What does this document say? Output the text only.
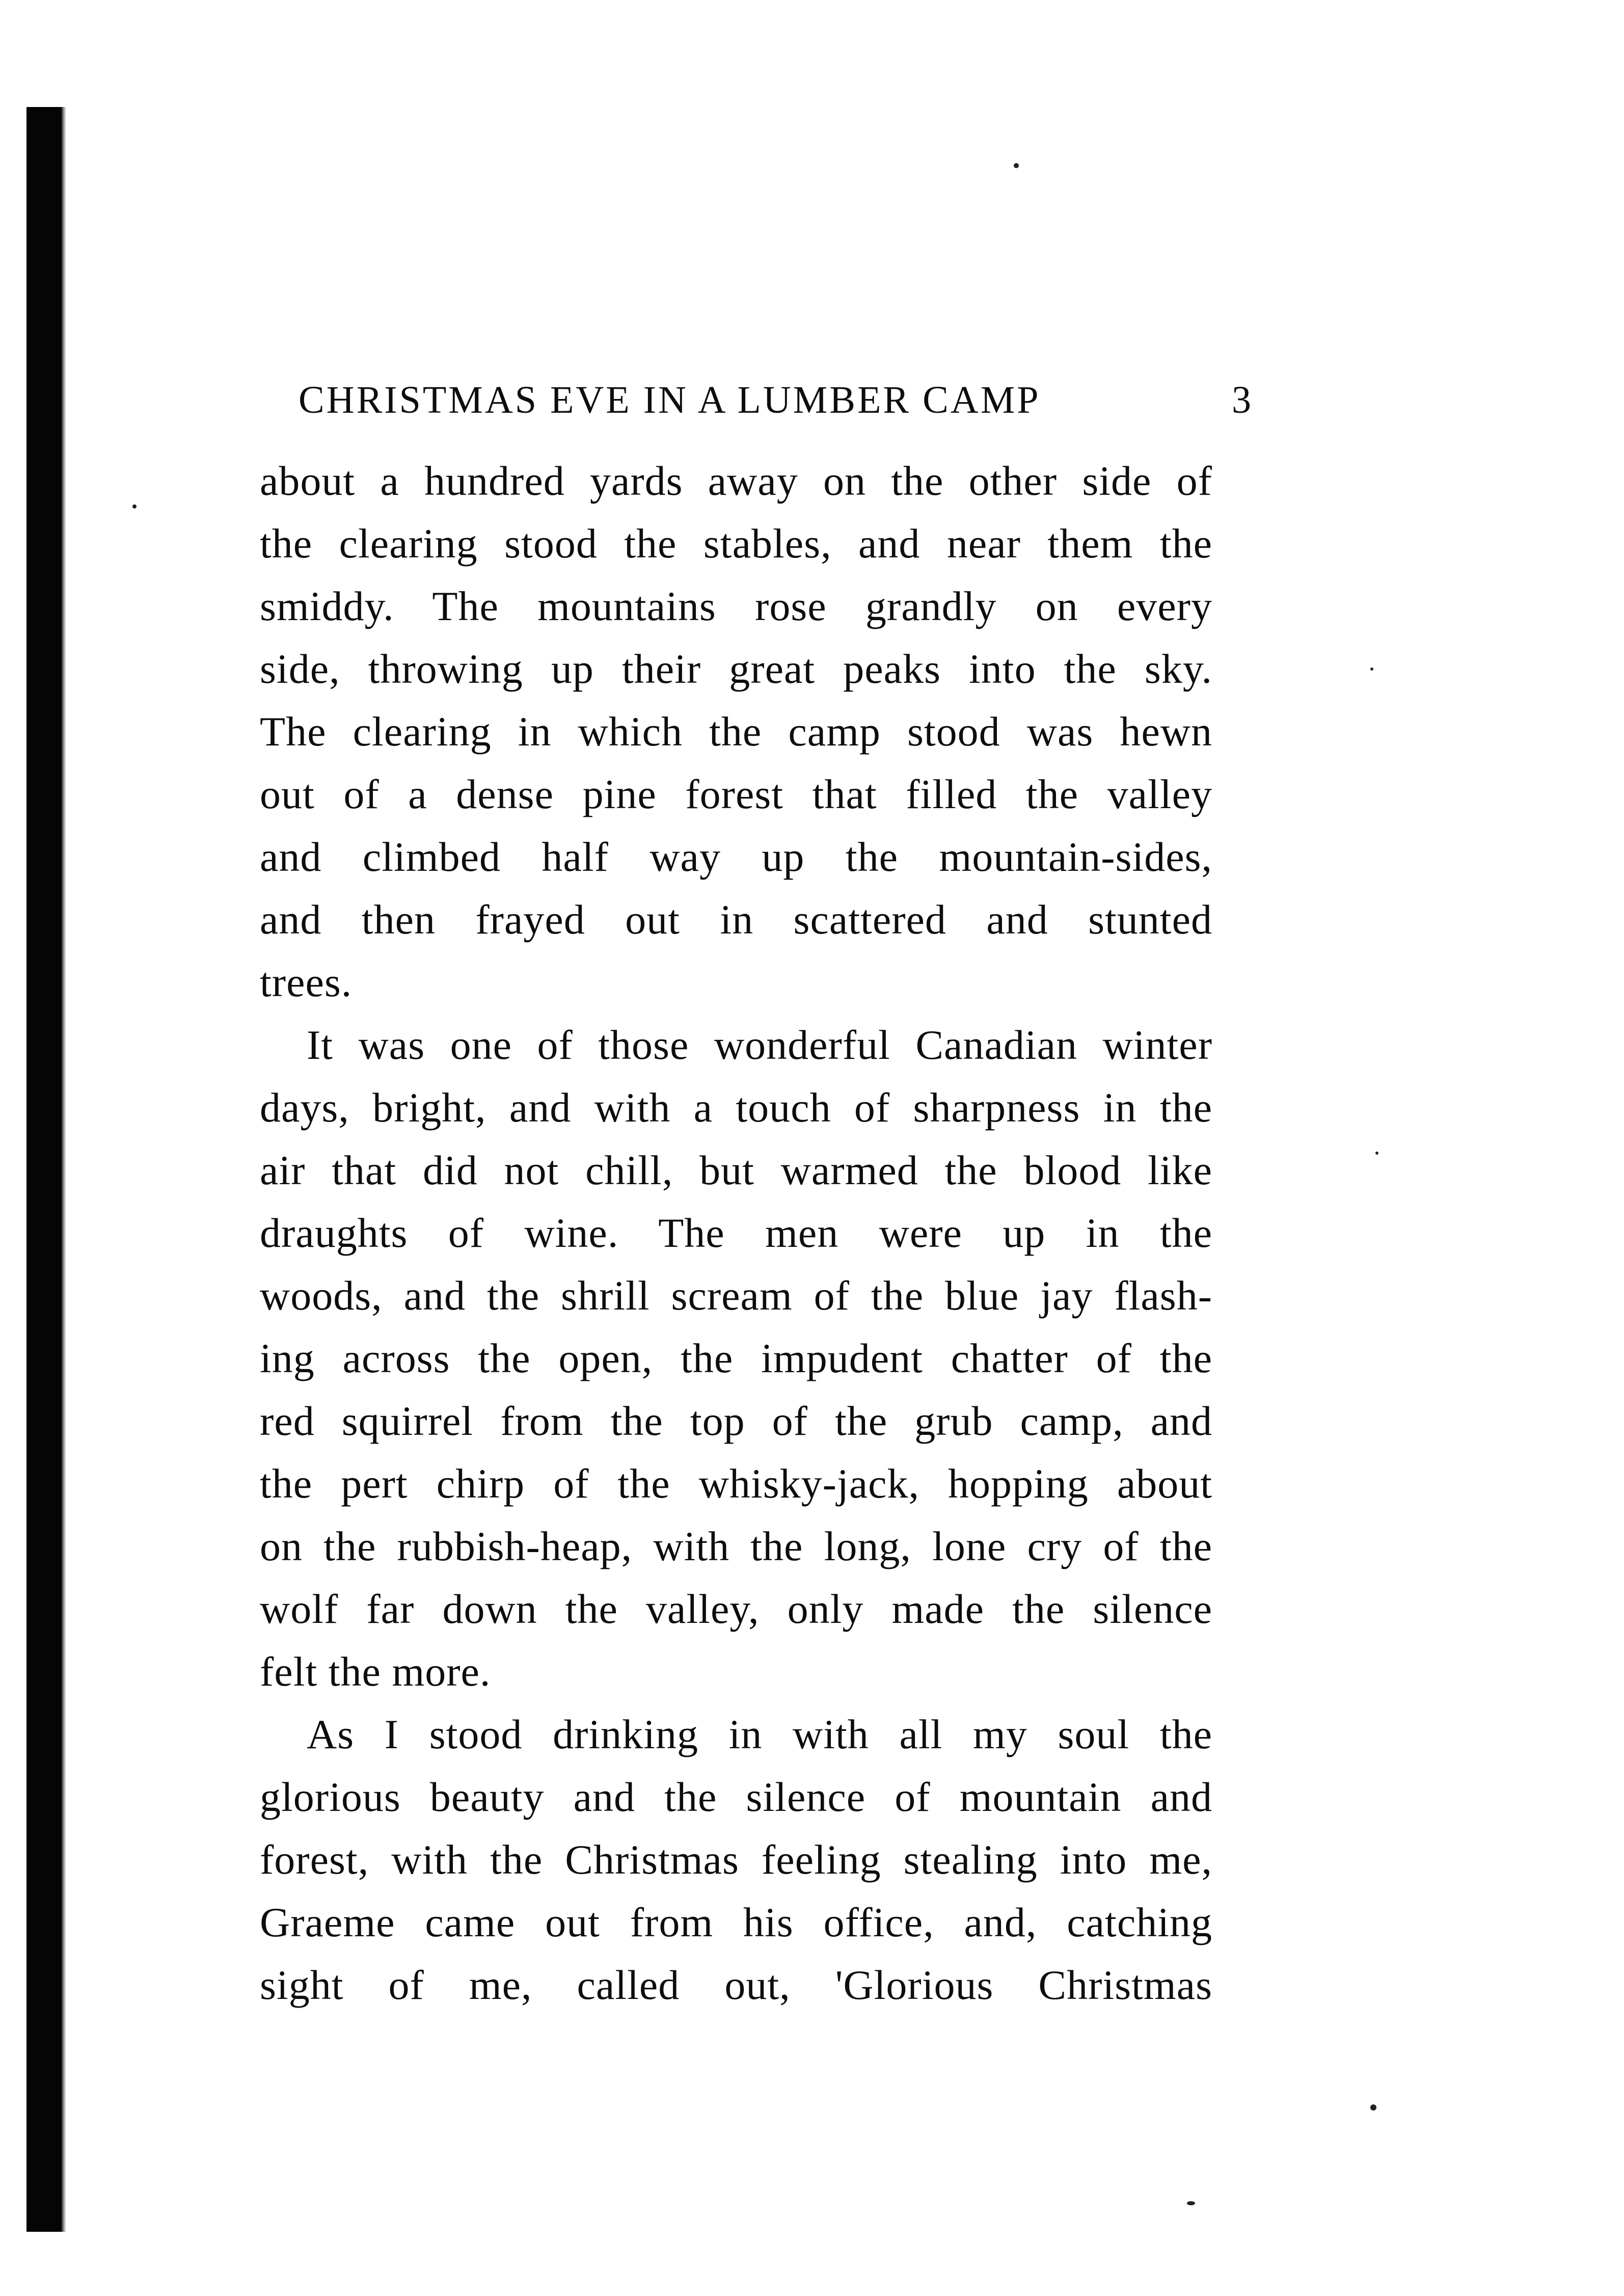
CHRISTMAS EVE IN A LUMBER CAMP	3
about a hundred yards away on the other side of
the clearing stood the stables, and near them the
smiddy. The mountains rose grandly on every
side, throwing up their great peaks into the sky.
The clearing in which the camp stood was hewn
out of a dense pine forest that filled the valley
and climbed half way up the mountain-sides,
and then frayed out in scattered and stunted
trees.
It was one of those wonderful Canadian winter
days, bright, and with a touch of sharpness in the
air that did not chill, but warmed the blood like
draughts of wine. The men were up in the
woods, and the shrill scream of the blue jay flash-
ing across the open, the impudent chatter of the
red squirrel from the top of the grub camp, and
the pert chirp of the whisky-jack, hopping about
on the rubbish-heap, with the long, lone cry of the
wolf far down the valley, only made the silence
felt the more.
As I stood drinking in with all my soul the
glorious beauty and the silence of mountain and
forest, with the Christmas feeling stealing into me,
Graeme came out from his office, and, catching
sight of me, called out, 'Glorious Christmas
